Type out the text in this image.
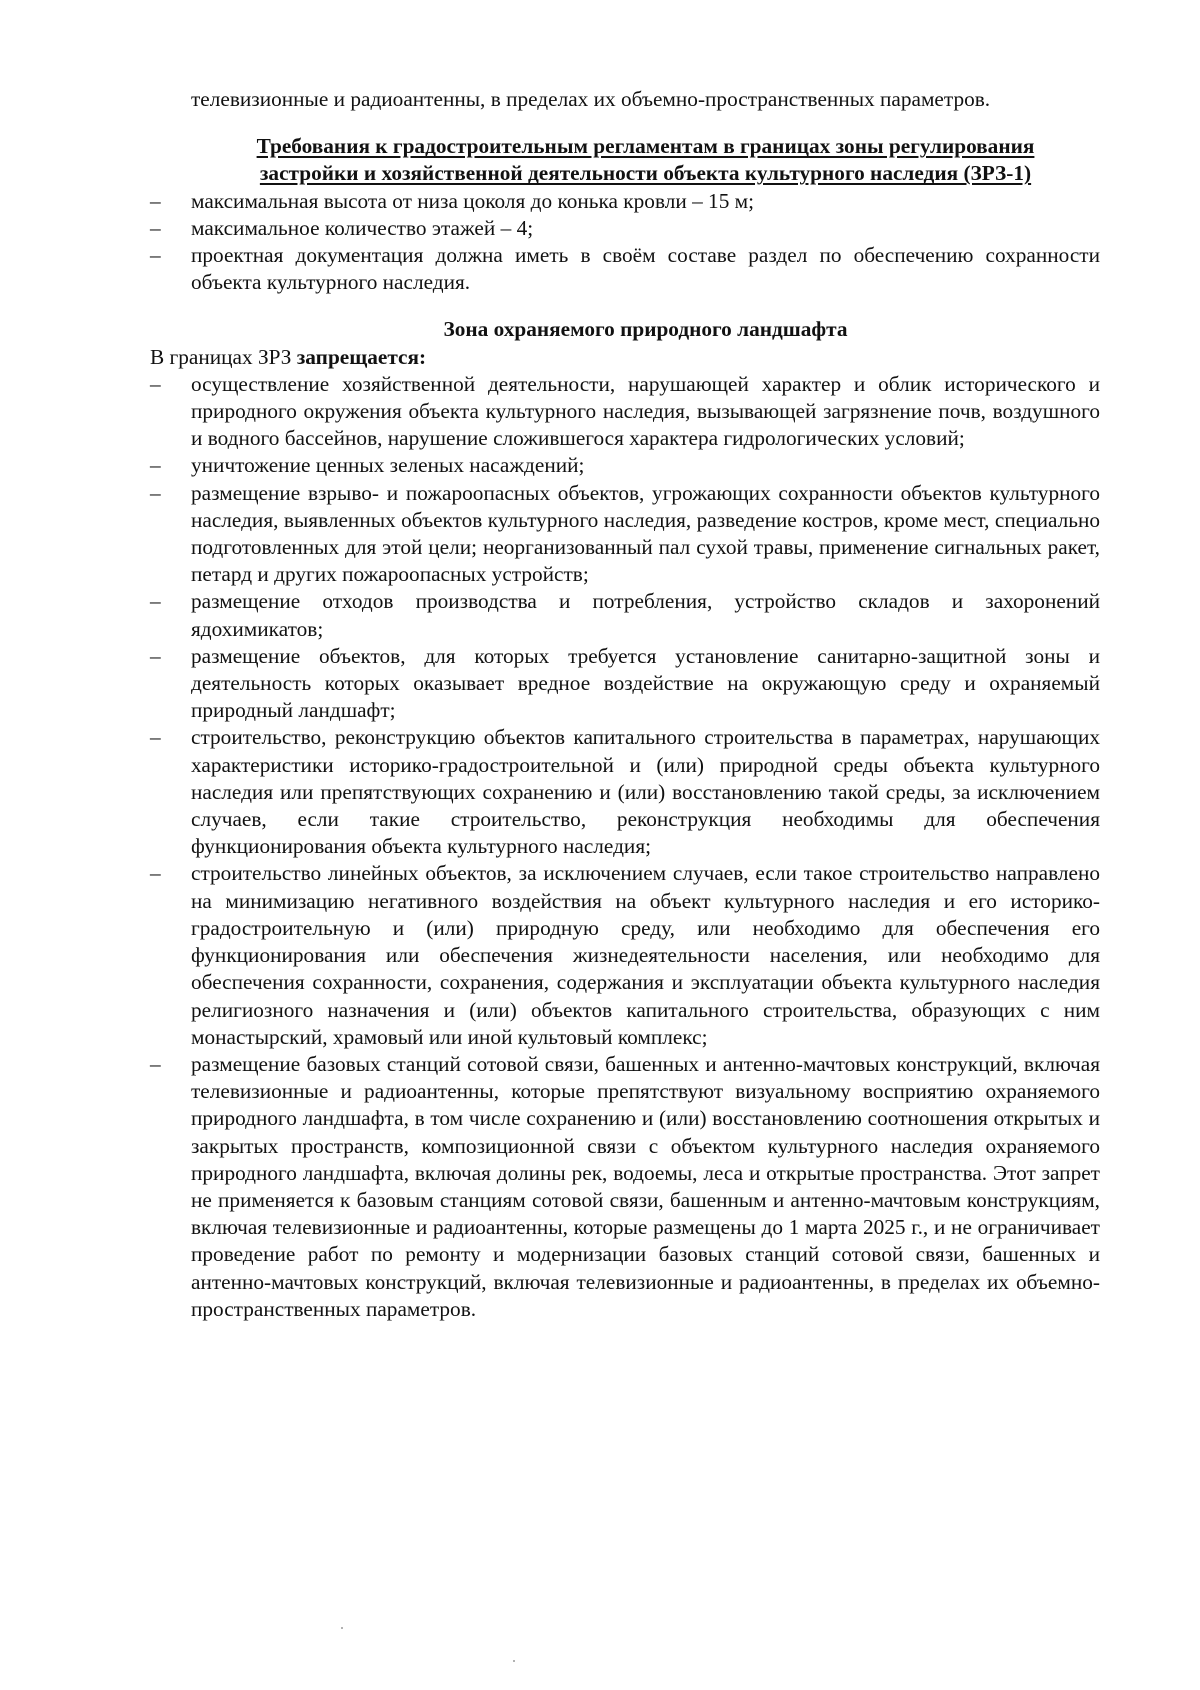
телевизионные и радиоантенны, в пределах их объемно-пространственных параметров.

Требования к градостроительным регламентам в границах зоны регулирования
застройки и хозяйственной деятельности объекта культурного наследия (ЗРЗ-1)
– максимальная высота от низа цоколя до конька кровли – 15 м;
– максимальное количество этажей – 4;
– проектная документация должна иметь в своём составе раздел по обеспечению сохранности объекта культурного наследия.
Зона охраняемого природного ландшафта

В границах ЗРЗ запрещается:

– осуществление хозяйственной деятельности, нарушающей характер и облик исторического и природного окружения объекта культурного наследия, вызывающей загрязнение почв, воздушного и водного бассейнов, нарушение сложившегося характера гидрологических условий;
– уничтожение ценных зеленых насаждений;
– размещение взрыво- и пожароопасных объектов, угрожающих сохранности объектов культурного наследия, выявленных объектов культурного наследия, разведение костров, кроме мест, специально подготовленных для этой цели; неорганизованный пал сухой травы, применение сигнальных ракет, петард и других пожароопасных устройств;
– размещение отходов производства и потребления, устройство складов и захоронений ядохимикатов;
– размещение объектов, для которых требуется установление санитарно-защитной зоны и деятельность которых оказывает вредное воздействие на окружающую среду и охраняемый природный ландшафт;
– строительство, реконструкцию объектов капитального строительства в параметрах, нарушающих характеристики историко-градостроительной и (или) природной среды объекта культурного наследия или препятствующих сохранению и (или) восстановлению такой среды, за исключением случаев, если такие строительство, реконструкция необходимы для обеспечения функционирования объекта культурного наследия;
– строительство линейных объектов, за исключением случаев, если такое строительство направлено на минимизацию негативного воздействия на объект культурного наследия и его историко-градостроительную и (или) природную среду, или необходимо для обеспечения его функционирования или обеспечения жизнедеятельности населения, или необходимо для обеспечения сохранности, сохранения, содержания и эксплуатации объекта культурного наследия религиозного назначения и (или) объектов капитального строительства, образующих с ним монастырский, храмовый или иной культовый комплекс;
– размещение базовых станций сотовой связи, башенных и антенно-мачтовых конструкций, включая телевизионные и радиоантенны, которые препятствуют визуальному восприятию охраняемого природного ландшафта, в том числе сохранению и (или) восстановлению соотношения открытых и закрытых пространств, композиционной связи с объектом культурного наследия охраняемого природного ландшафта, включая долины рек, водоемы, леса и открытые пространства. Этот запрет не применяется к базовым станциям сотовой связи, башенным и антенно-мачтовым конструкциям, включая телевизионные и радиоантенны, которые размещены до 1 марта 2025 г., и не ограничивает проведение работ по ремонту и модернизации базовых станций сотовой связи, башенных и антенно-мачтовых конструкций, включая телевизионные и радиоантенны, в пределах их объемно-пространственных параметров.
